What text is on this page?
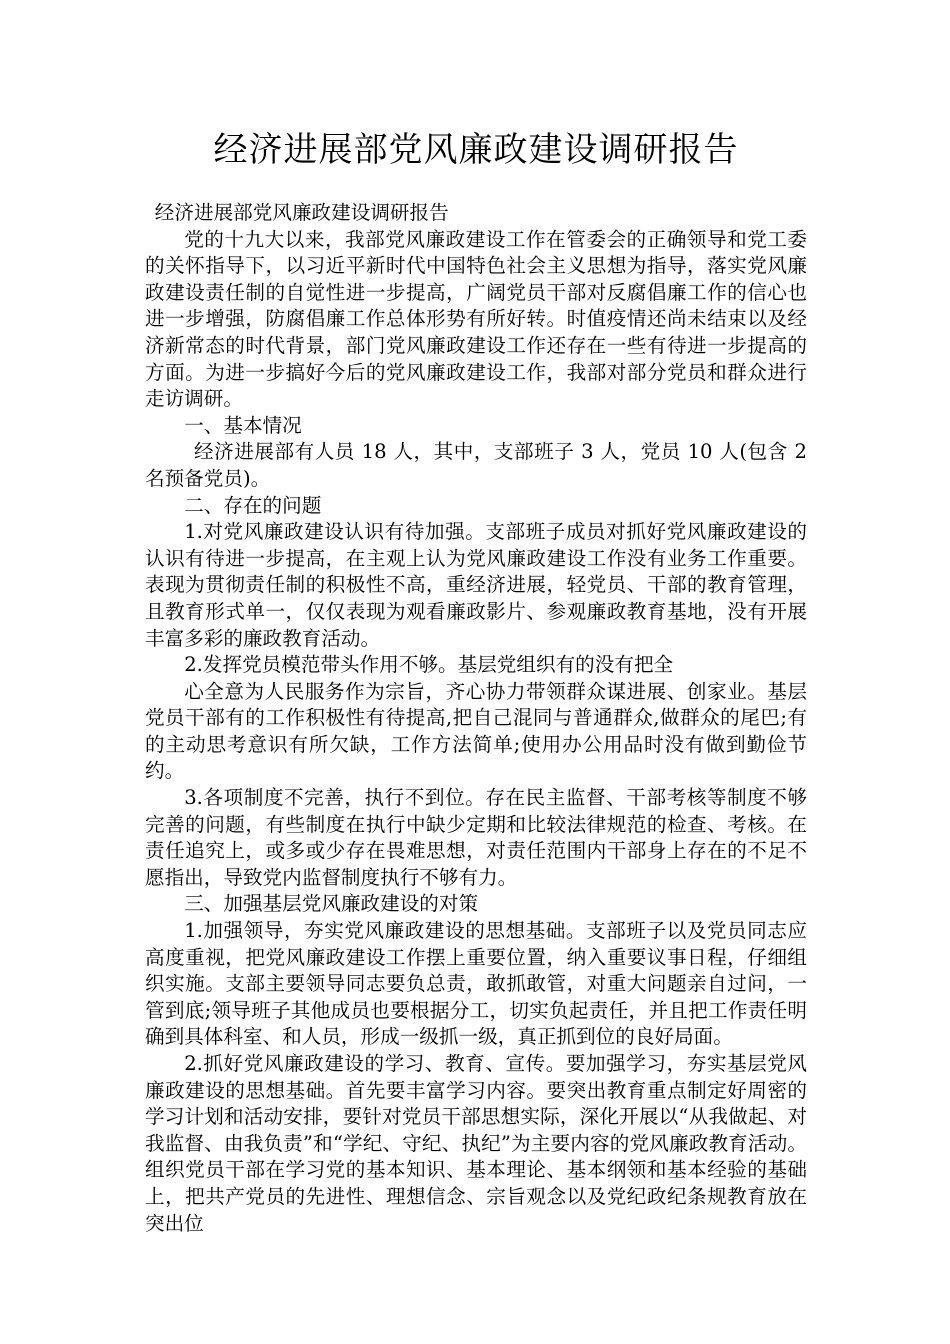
经济进展部党风廉政建设调研报告

经济进展部党风廉政建设调研报告

党的十九大以来，我部党风廉政建设工作在管委会的正确领导和党工委的关怀指导下，以习近平新时代中国特色社会主义思想为指导，落实党风廉政建设责任制的自觉性进一步提高，广阔党员干部对反腐倡廉工作的信心也进一步增强，防腐倡廉工作总体形势有所好转。时值疫情还尚未结束以及经济新常态的时代背景，部门党风廉政建设工作还存在一些有待进一步提高的方面。为进一步搞好今后的党风廉政建设工作，我部对部分党员和群众进行走访调研。

一、基本情况

经济进展部有人员 18 人，其中，支部班子 3 人，党员 10 人(包含 2 名预备党员)。

二、存在的问题

1.对党风廉政建设认识有待加强。支部班子成员对抓好党风廉政建设的认识有待进一步提高，在主观上认为党风廉政建设工作没有业务工作重要。表现为贯彻责任制的积极性不高，重经济进展，轻党员、干部的教育管理，且教育形式单一，仅仅表现为观看廉政影片、参观廉政教育基地，没有开展丰富多彩的廉政教育活动。

2.发挥党员模范带头作用不够。基层党组织有的没有把全

心全意为人民服务作为宗旨，齐心协力带领群众谋进展、创家业。基层党员干部有的工作积极性有待提高,把自己混同与普通群众,做群众的尾巴;有的主动思考意识有所欠缺，工作方法简单;使用办公用品时没有做到勤俭节约。

3.各项制度不完善，执行不到位。存在民主监督、干部考核等制度不够完善的问题，有些制度在执行中缺少定期和比较法律规范的检查、考核。在责任追究上，或多或少存在畏难思想，对责任范围内干部身上存在的不足不愿指出，导致党内监督制度执行不够有力。

三、加强基层党风廉政建设的对策

1.加强领导，夯实党风廉政建设的思想基础。支部班子以及党员同志应高度重视，把党风廉政建设工作摆上重要位置，纳入重要议事日程，仔细组织实施。支部主要领导同志要负总责，敢抓敢管，对重大问题亲自过问，一管到底;领导班子其他成员也要根据分工，切实负起责任，并且把工作责任明确到具体科室、和人员，形成一级抓一级，真正抓到位的良好局面。

2.抓好党风廉政建设的学习、教育、宣传。要加强学习，夯实基层党风廉政建设的思想基础。首先要丰富学习内容。要突出教育重点制定好周密的学习计划和活动安排，要针对党员干部思想实际，深化开展以“从我做起、对我监督、由我负责”和“学纪、守纪、执纪”为主要内容的党风廉政教育活动。组织党员干部在学习党的基本知识、基本理论、基本纲领和基本经验的基础上，把共产党员的先进性、理想信念、宗旨观念以及党纪政纪条规教育放在突出位
